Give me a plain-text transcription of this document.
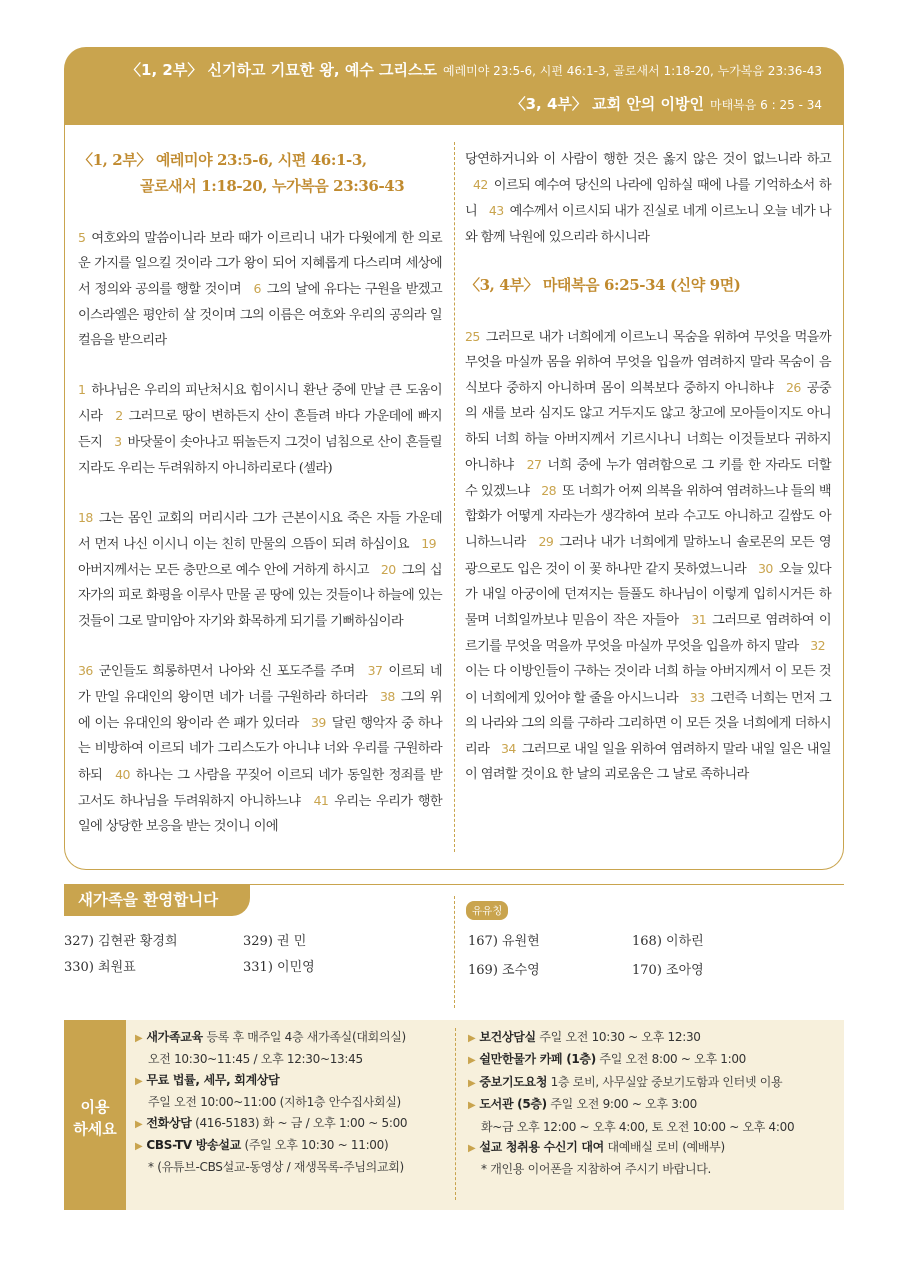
〈1, 2부〉 신기하고 기묘한 왕, 예수 그리스도 예레미야 23:5-6, 시편 46:1-3, 골로새서 1:18-20, 누가복음 23:36-43
〈3, 4부〉 교회 안의 이방인 마태복음 6 : 25 - 34
〈1, 2부〉 예레미야 23:5-6, 시편 46:1-3,
골로새서 1:18-20, 누가복음 23:36-43
5 여호와의 말씀이니라 보라 때가 이르리니 내가 다윗에게 한 의로운 가지를 일으킬 것이라 그가 왕이 되어 지혜롭게 다스리며 세상에서 정의와 공의를 행할 것이며 6 그의 날에 유다는 구원을 받겠고 이스라엘은 평안히 살 것이며 그의 이름은 여호와 우리의 공의라 일컬음을 받으리라
1 하나님은 우리의 피난처시요 힘이시니 환난 중에 만날 큰 도움이시라 2 그러므로 땅이 변하든지 산이 흔들려 바다 가운데에 빠지든지 3 바닷물이 솟아나고 뛰놀든지 그것이 넘침으로 산이 흔들릴지라도 우리는 두려워하지 아니하리로다 (셀라)
18 그는 몸인 교회의 머리시라 그가 근본이시요 죽은 자들 가운데서 먼저 나신 이시니 이는 친히 만물의 으뜸이 되려 하심이요 19아버지께서는 모든 충만으로 예수 안에 거하게 하시고 20 그의 십자가의 피로 화평을 이루사 만물 곧 땅에 있는 것들이나 하늘에 있는 것들이 그로 말미암아 자기와 화목하게 되기를 기뻐하심이라
36 군인들도 희롱하면서 나아와 신 포도주를 주며 37 이르되 네가 만일 유대인의 왕이면 네가 너를 구원하라 하더라 38 그의 위에 이는 유대인의 왕이라 쓴 패가 있더라 39 달린 행악자 중 하나는 비방하여 이르되 네가 그리스도가 아니냐 너와 우리를 구원하라 하되 40 하나는 그 사람을 꾸짖어 이르되 네가 동일한 정죄를 받고서도 하나님을 두려워하지 아니하느냐 41 우리는 우리가 행한 일에 상당한 보응을 받는 것이니 이에
당연하거니와 이 사람이 행한 것은 옳지 않은 것이 없느니라 하고 42 이르되 예수여 당신의 나라에 임하실 때에 나를 기억하소서 하니 43 예수께서 이르시되 내가 진실로 네게 이르노니 오늘 네가 나와 함께 낙원에 있으리라 하시니라
〈3, 4부〉 마태복음 6:25-34 (신약 9면)
25 그러므로 내가 너희에게 이르노니 목숨을 위하여 무엇을 먹을까 무엇을 마실까 몸을 위하여 무엇을 입을까 염려하지 말라 목숨이 음식보다 중하지 아니하며 몸이 의복보다 중하지 아니하냐 26 공중의 새를 보라 심지도 않고 거두지도 않고 창고에 모아들이지도 아니하되 너희 하늘 아버지께서 기르시나니 너희는 이것들보다 귀하지 아니하냐 27 너희 중에 누가 염려함으로 그 키를 한 자라도 더할 수 있겠느냐 28 또 너희가 어찌 의복을 위하여 염려하느냐 들의 백합화가 어떻게 자라는가 생각하여 보라 수고도 아니하고 길쌈도 아니하느니라 29 그러나 내가 너희에게 말하노니 솔로몬의 모든 영광으로도 입은 것이 이 꽃 하나만 같지 못하였느니라 30 오늘 있다가 내일 아궁이에 던져지는 들풀도 하나님이 이렇게 입히시거든 하물며 너희일까보냐 믿음이 작은 자들아 31 그러므로 염려하여 이르기를 무엇을 먹을까 무엇을 마실까 무엇을 입을까 하지 말라 32이는 다 이방인들이 구하는 것이라 너희 하늘 아버지께서 이 모든 것이 너희에게 있어야 할 줄을 아시느니라 33 그런즉 너희는 먼저 그의 나라와 그의 의를 구하라 그리하면 이 모든 것을 너희에게 더하시리라 34 그러므로 내일 일을 위하여 염려하지 말라 내일 일은 내일이 염려할 것이요 한 날의 괴로움은 그 날로 족하니라
새가족을 환영합니다
327) 김현관 황경희	329) 권 민
330) 최원표	331) 이민영
유유칭
167) 유원현	168) 이하린
169) 조수영	170) 조아영
이용
하세요
▶ 새가족교육 등록 후 매주일 4층 새가족실(대회의실)
오전 10:30~11:45 / 오후 12:30~13:45
▶ 무료 법률, 세무, 회계상담
주일 오전 10:00~11:00 (지하1층 안수집사회실)
▶ 전화상담 (416-5183) 화 ~ 금 / 오후 1:00 ~ 5:00
▶ CBS-TV 방송설교 (주일 오후 10:30 ~ 11:00)
* (유튜브-CBS설교-동영상 / 재생목록-주님의교회)
▶ 보건상담실 주일 오전 10:30 ~ 오후 12:30
▶ 쉴만한물가 카페 (1층) 주일 오전 8:00 ~ 오후 1:00
▶ 중보기도요청 1층 로비, 사무실앞 중보기도함과 인터넷 이용
▶ 도서관 (5층) 주일 오전 9:00 ~ 오후 3:00
화~금 오후 12:00 ~ 오후 4:00, 토 오전 10:00 ~ 오후 4:00
▶ 설교 청취용 수신기 대여 대예배실 로비 (예배부)
* 개인용 이어폰을 지참하여 주시기 바랍니다.
